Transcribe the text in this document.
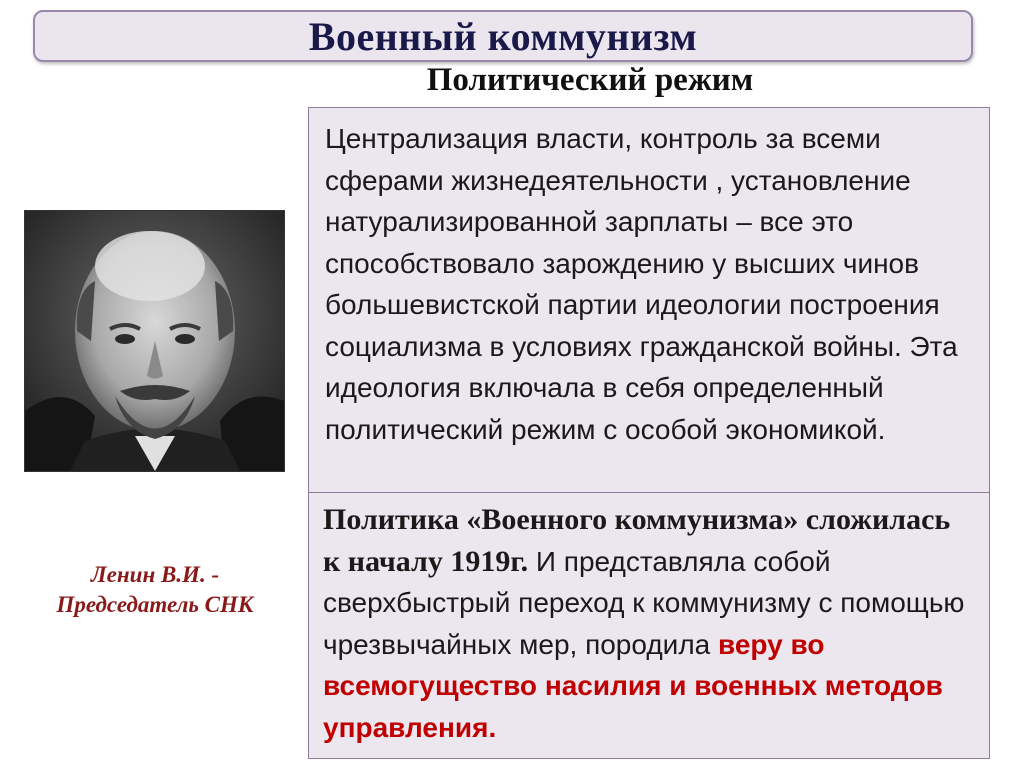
Военный коммунизм
Политический режим
Ленин В.И. -
Председатель СНК

Централизация власти, контроль за всеми сферами жизнедеятельности , установление натурализированной зарплаты – все это способствовало зарождению у высших чинов большевистской партии идеологии построения социализма в условиях гражданской войны. Эта идеология включала в себя определенный политический режим с особой экономикой.

Политика «Военного коммунизма» сложилась к началу 1919г. И представляла собой сверхбыстрый переход к коммунизму с помощью чрезвычайных мер, породила веру во всемогущество насилия и военных методов управления.
